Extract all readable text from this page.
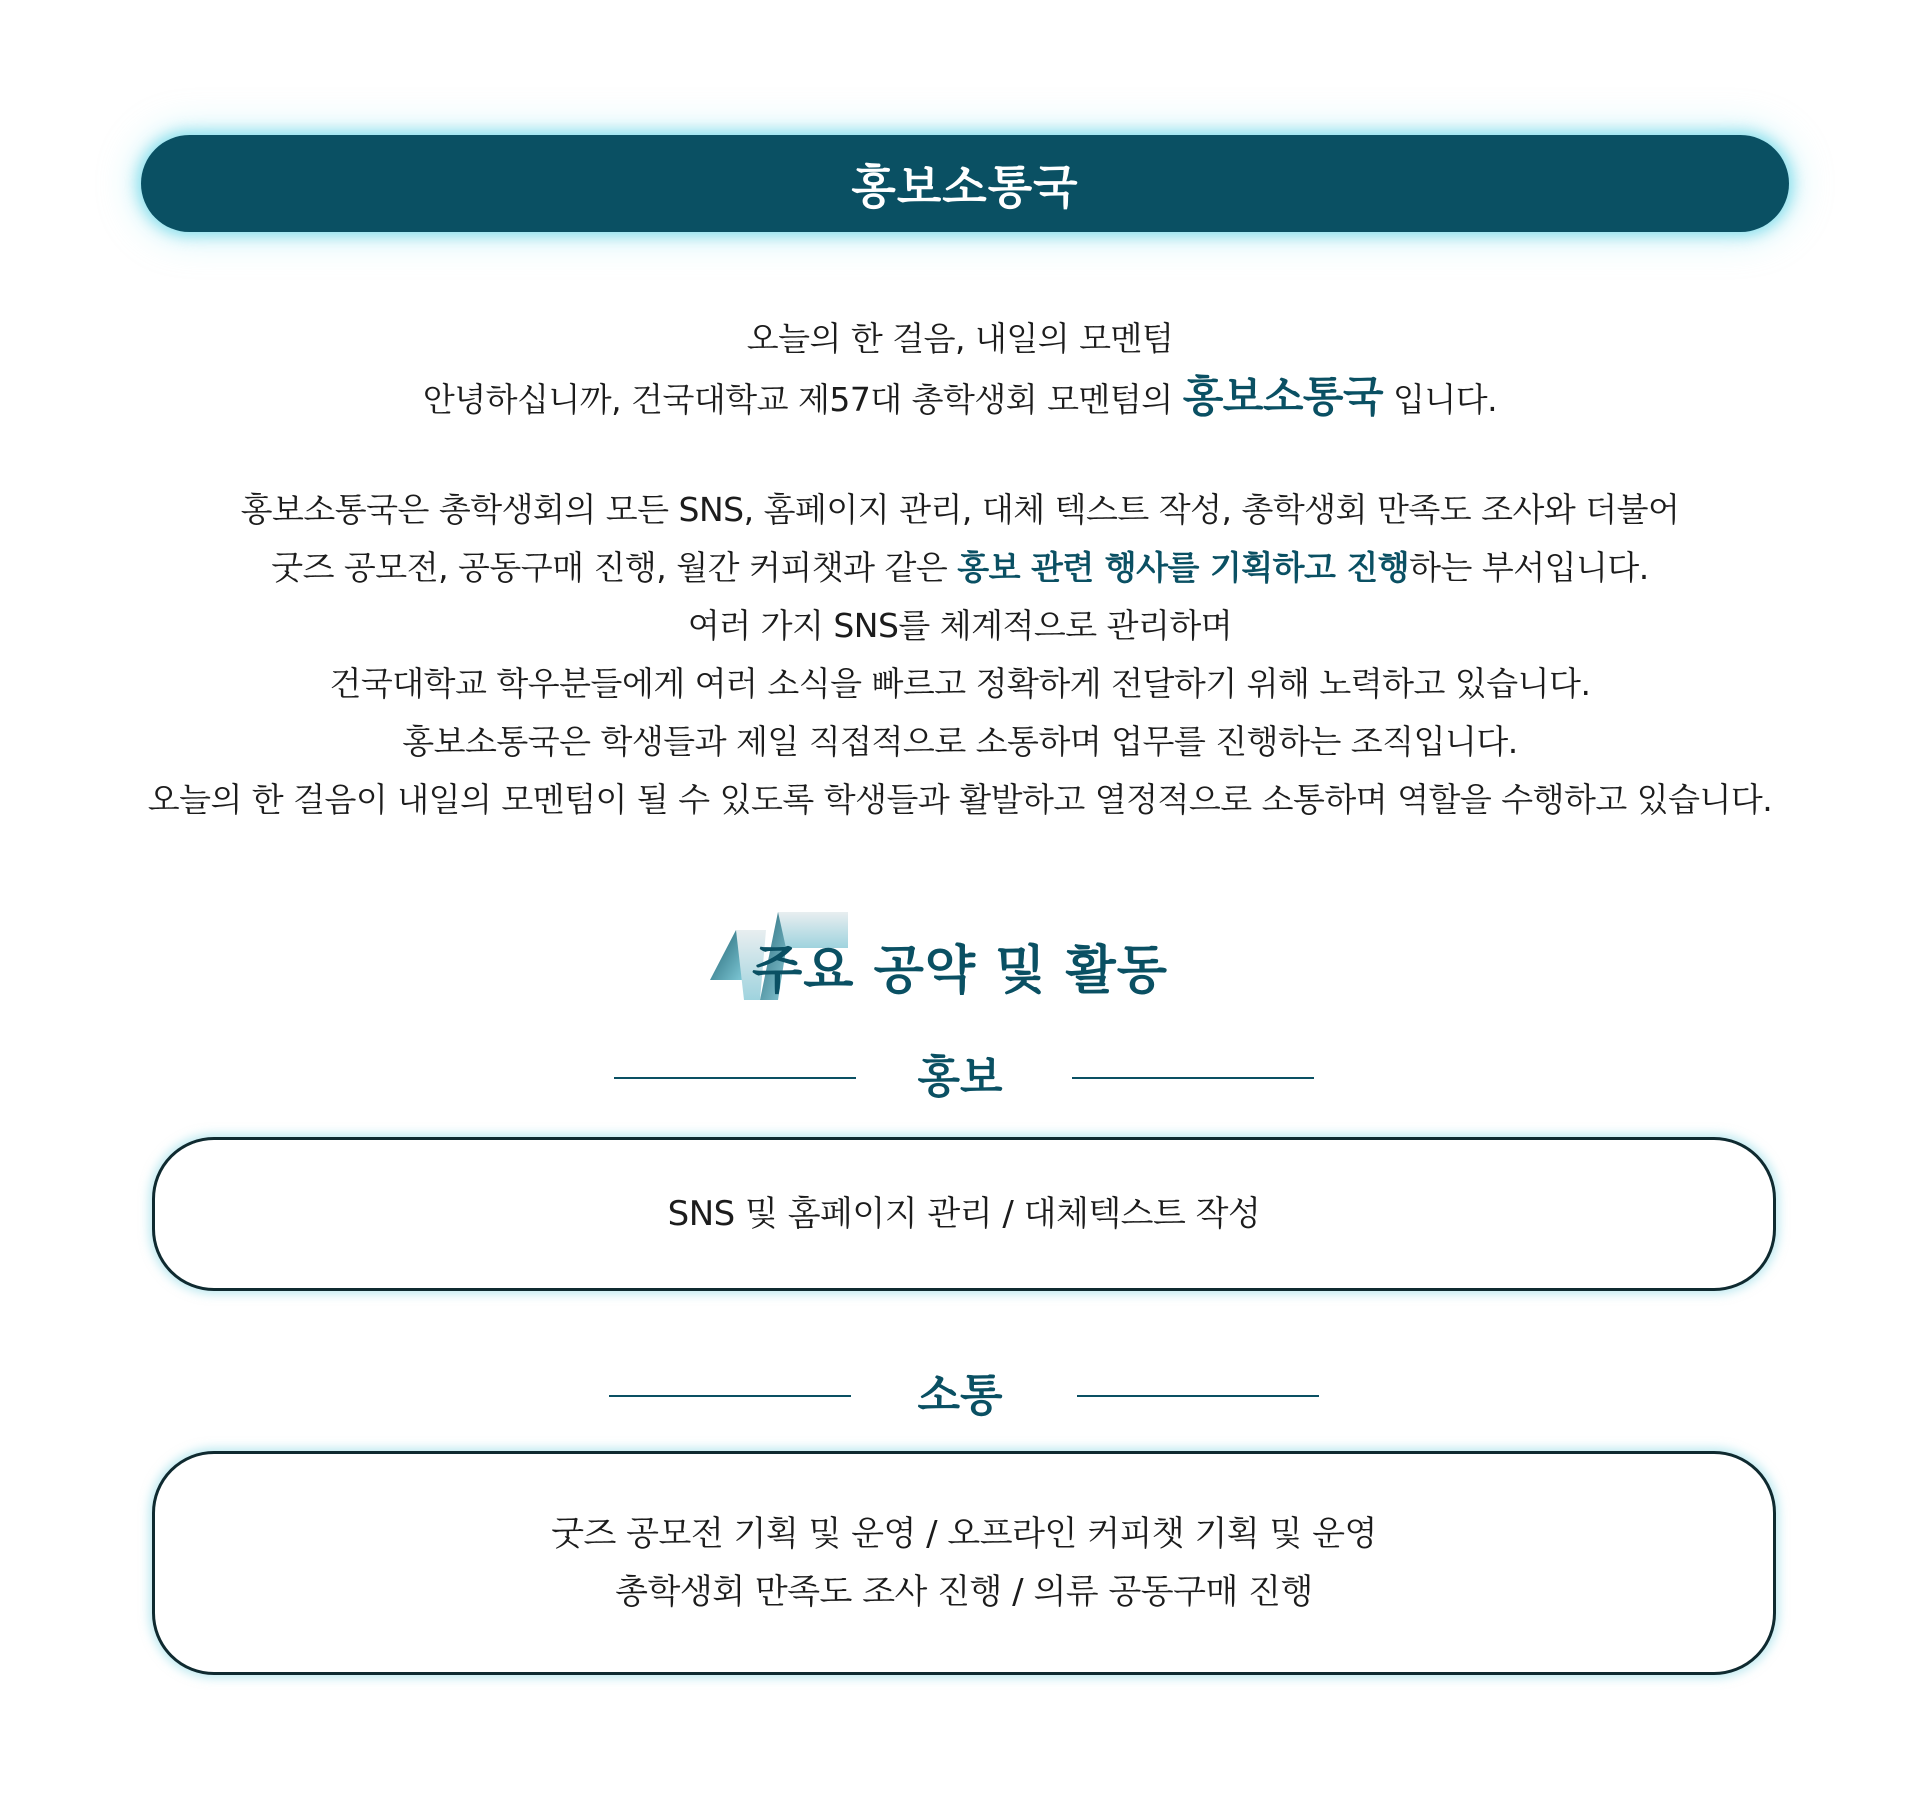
홍보소통국

오늘의 한 걸음, 내일의 모멘텀

안녕하십니까, 건국대학교 제57대 총학생회 모멘텀의 홍보소통국 입니다.

홍보소통국은 총학생회의 모든 SNS, 홈페이지 관리, 대체 텍스트 작성, 총학생회 만족도 조사와 더불어

굿즈 공모전, 공동구매 진행, 월간 커피챗과 같은 홍보 관련 행사를 기획하고 진행하는 부서입니다.

여러 가지 SNS를 체계적으로 관리하며

건국대학교 학우분들에게 여러 소식을 빠르고 정확하게 전달하기 위해 노력하고 있습니다.

홍보소통국은 학생들과 제일 직접적으로 소통하며 업무를 진행하는 조직입니다.

오늘의 한 걸음이 내일의 모멘텀이 될 수 있도록 학생들과 활발하고 열정적으로 소통하며 역할을 수행하고 있습니다.

주요 공약 및 활동
홍보
SNS 및 홈페이지 관리 / 대체텍스트 작성
소통
굿즈 공모전 기획 및 운영 / 오프라인 커피챗 기획 및 운영
총학생회 만족도 조사 진행 / 의류 공동구매 진행
